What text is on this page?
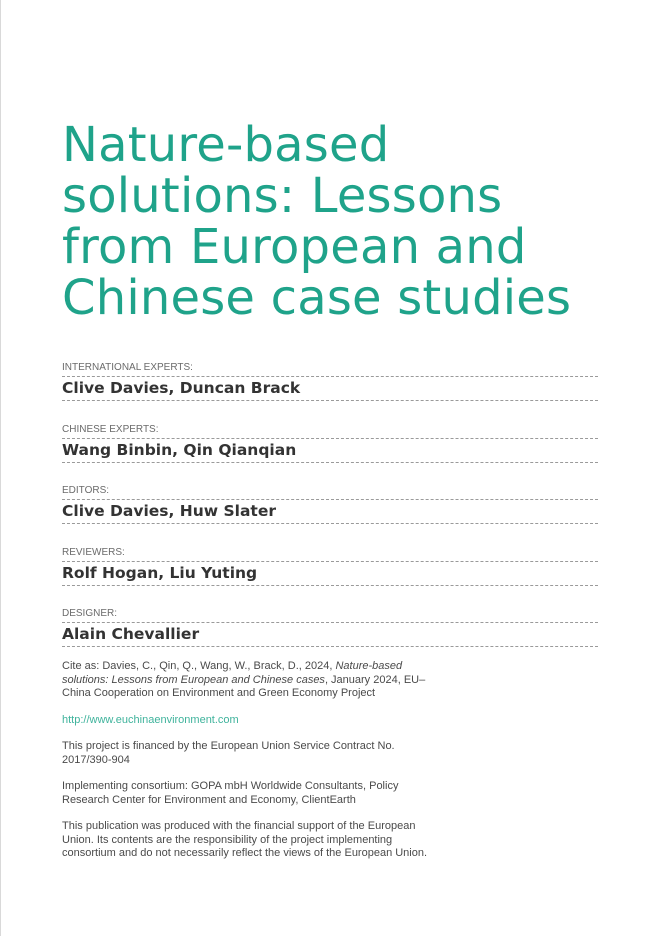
Nature-based solutions: Lessons from European and Chinese case studies
INTERNATIONAL EXPERTS:
Clive Davies, Duncan Brack
CHINESE EXPERTS:
Wang Binbin, Qin Qianqian
EDITORS:
Clive Davies, Huw Slater
REVIEWERS:
Rolf Hogan, Liu Yuting
DESIGNER:
Alain Chevallier

Cite as: Davies, C., Qin, Q., Wang, W., Brack, D., 2024, Nature-based solutions: Lessons from European and Chinese cases, January 2024, EU–China Cooperation on Environment and Green Economy Project

http://www.euchinaenvironment.com

This project is financed by the European Union Service Contract No. 2017/390-904

Implementing consortium: GOPA mbH Worldwide Consultants, Policy Research Center for Environment and Economy, ClientEarth

This publication was produced with the financial support of the European Union. Its contents are the responsibility of the project implementing consortium and do not necessarily reflect the views of the European Union.
